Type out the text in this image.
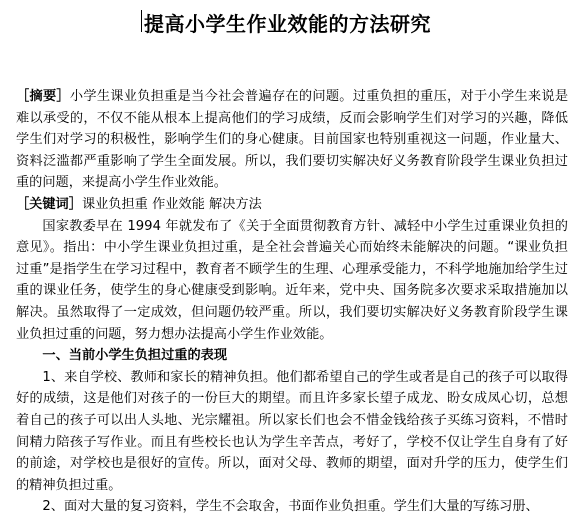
提高小学生作业效能的方法研究

［摘要］小学生课业负担重是当今社会普遍存在的问题。过重负担的重压，对于小学生来说是难以承受的，不仅不能从根本上提高他们的学习成绩，反而会影响学生们对学习的兴趣，降低学生们对学习的积极性，影响学生们的身心健康。目前国家也特别重视这一问题，作业量大、资料泛滥都严重影响了学生全面发展。所以，我们要切实解决好义务教育阶段学生课业负担过重的问题，来提高小学生作业效能。

［关键词］课业负担重 作业效能 解决方法

国家教委早在 1994 年就发布了《关于全面贯彻教育方针、减轻中小学生过重课业负担的意见》。指出：中小学生课业负担过重，是全社会普遍关心而始终未能解决的问题。“课业负担过重”是指学生在学习过程中，教育者不顾学生的生理、心理承受能力，不科学地施加给学生过重的课业任务，使学生的身心健康受到影响。近年来，党中央、国务院多次要求采取措施加以解决。虽然取得了一定成效，但问题仍较严重。所以，我们要切实解决好义务教育阶段学生课业负担过重的问题，努力想办法提高小学生作业效能。

一、当前小学生负担过重的表现

1、来自学校、教师和家长的精神负担。他们都希望自己的学生或者是自己的孩子可以取得好的成绩，这是他们对孩子的一份巨大的期望。而且许多家长望子成龙、盼女成凤心切，总想着自己的孩子可以出人头地、光宗耀祖。所以家长们也会不惜金钱给孩子买练习资料，不惜时间精力陪孩子写作业。而且有些校长也认为学生辛苦点，考好了，学校不仅让学生自身有了好的前途，对学校也是很好的宣传。所以，面对父母、教师的期望，面对升学的压力，使学生们的精神负担过重。

2、面对大量的复习资料，学生不会取舍，书面作业负担重。学生们大量的写练习册、
